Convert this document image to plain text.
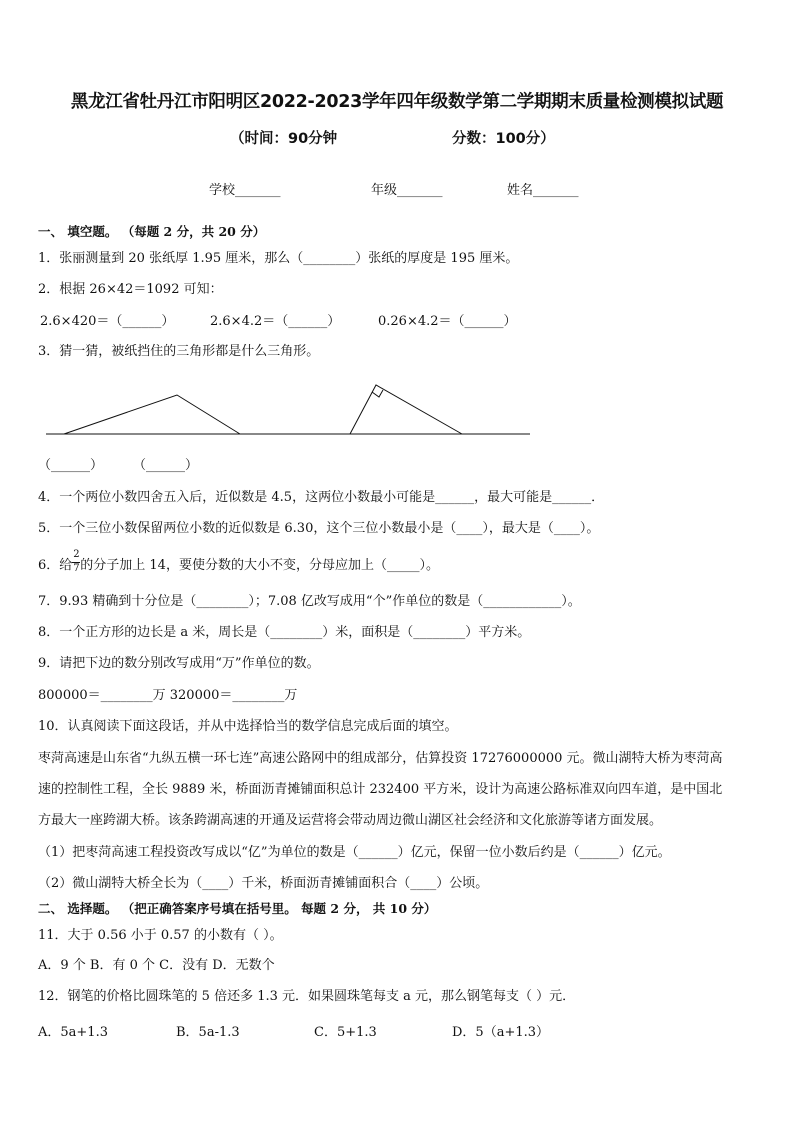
黑龙江省牡丹江市阳明区2022-2023学年四年级数学第二学期期末质量检测模拟试题
（时间：90分钟	分数：100分）
学校_______	年级_______	姓名_______
一、 填空题。 （每题 2 分，共 20 分）
1．张丽测量到 20 张纸厚 1.95 厘米，那么（________）张纸的厚度是 195 厘米。
2．根据 26×42＝1092 可知：
2.6×420＝（______）	2.6×4.2＝（______）	0.26×4.2＝（______）
3．猜一猜，被纸挡住的三角形都是什么三角形。
（______） （______）
4．一个两位小数四舍五入后，近似数是 4.5，这两位小数最小可能是______，最大可能是______．
5．一个三位小数保留两位小数的近似数是 6.30，这个三位小数最小是（____），最大是（____）。
6．给 $\frac{2}{7}$ 的分子加上 14，要使分数的大小不变，分母应加上（_____）。
7．9.93 精确到十分位是（________）；7.08 亿改写成用“个”作单位的数是（____________）。
8．一个正方形的边长是 a 米，周长是（________）米，面积是（________）平方米。
9．请把下边的数分别改写成用“万”作单位的数。
800000＝________万 320000＝________万
10．认真阅读下面这段话，并从中选择恰当的数学信息完成后面的填空。
枣菏高速是山东省“九纵五横一环七连”高速公路网中的组成部分，估算投资 17276000000 元。微山湖特大桥为枣菏高
速的控制性工程，全长 9889 米，桥面沥青摊铺面积总计 232400 平方米，设计为高速公路标准双向四车道，是中国北
方最大一座跨湖大桥。该条跨湖高速的开通及运营将会带动周边微山湖区社会经济和文化旅游等诸方面发展。
（1）把枣菏高速工程投资改写成以“亿”为单位的数是（______）亿元，保留一位小数后约是（______）亿元。
（2）微山湖特大桥全长为（____）千米，桥面沥青摊铺面积合（____）公顷。
二、 选择题。 （把正确答案序号填在括号里。 每题 2 分， 共 10 分）
11．大于 0.56 小于 0.57 的小数有（ ）。
A．9 个 B．有 0 个 C．没有 D．无数个
12．钢笔的价格比圆珠笔的 5 倍还多 1.3 元．如果圆珠笔每支 a 元，那么钢笔每支（ ）元．
A．5a+1.3	B．5a-1.3	C．5+1.3	D．5（a+1.3）
